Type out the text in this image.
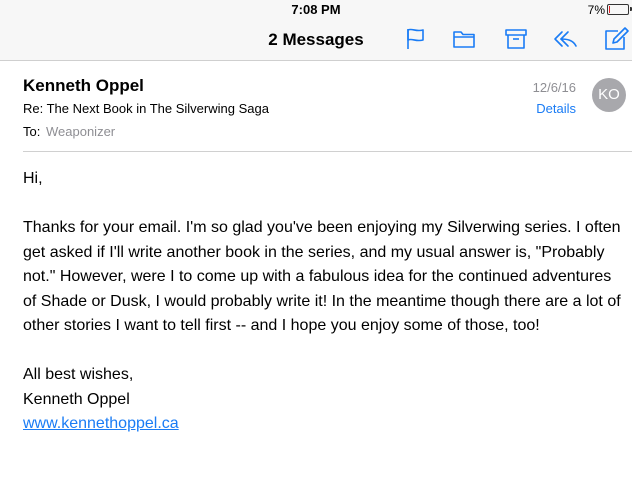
7:08 PM	7%
2 Messages
Kenneth Oppel	12/6/16	KO
Re: The Next Book in The Silverwing Saga	Details
To: Weaponizer

Hi,

Thanks for your email. I'm so glad you've been enjoying my Silverwing series. I often get asked if I'll write another book in the series, and my usual answer is, "Probably not." However, were I to come up with a fabulous idea for the continued adventures of Shade or Dusk, I would probably write it! In the meantime though there are a lot of other stories I want to tell first -- and I hope you enjoy some of those, too!

All best wishes,

Kenneth Oppel

www.kennethoppel.ca
